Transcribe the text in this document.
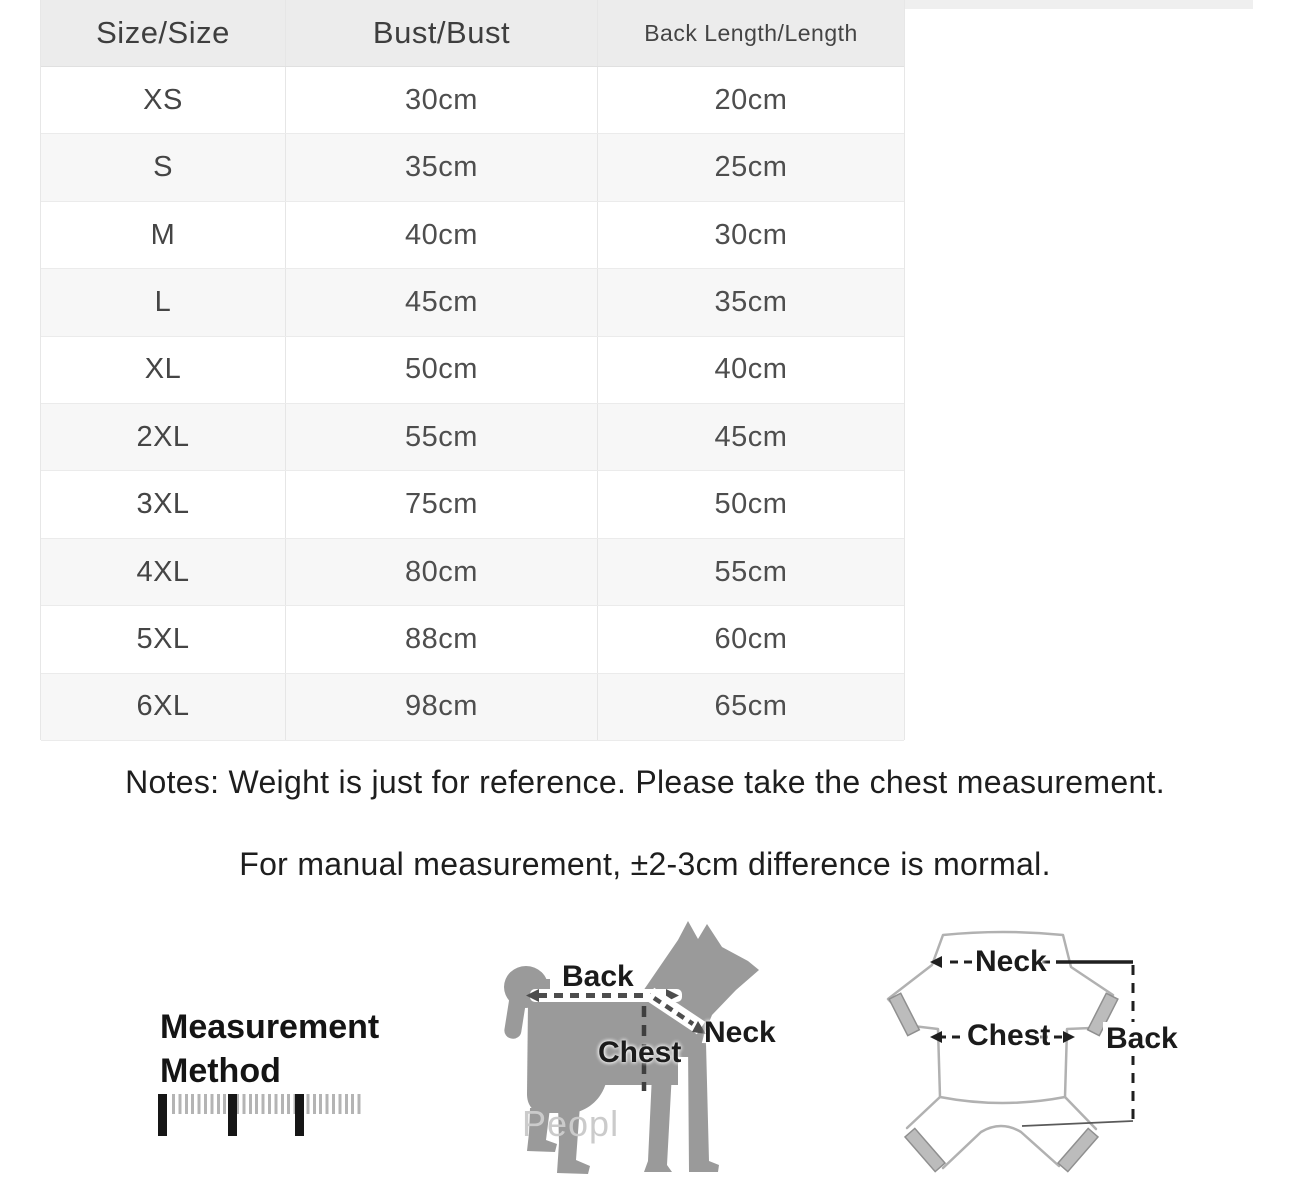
Size/Size	Bust/Bust	Back Length/Length
XS	30cm	20cm
S	35cm	25cm
M	40cm	30cm
L	45cm	35cm
XL	50cm	40cm
2XL	55cm	45cm
3XL	75cm	50cm
4XL	80cm	55cm
5XL	88cm	60cm
6XL	98cm	65cm
Notes: Weight is just for reference. Please take the chest measurement.
For manual measurement, ±2-3cm difference is mormal.
Measurement Method
Back
Neck
Chest
Peopl
Neck
Chest Back
